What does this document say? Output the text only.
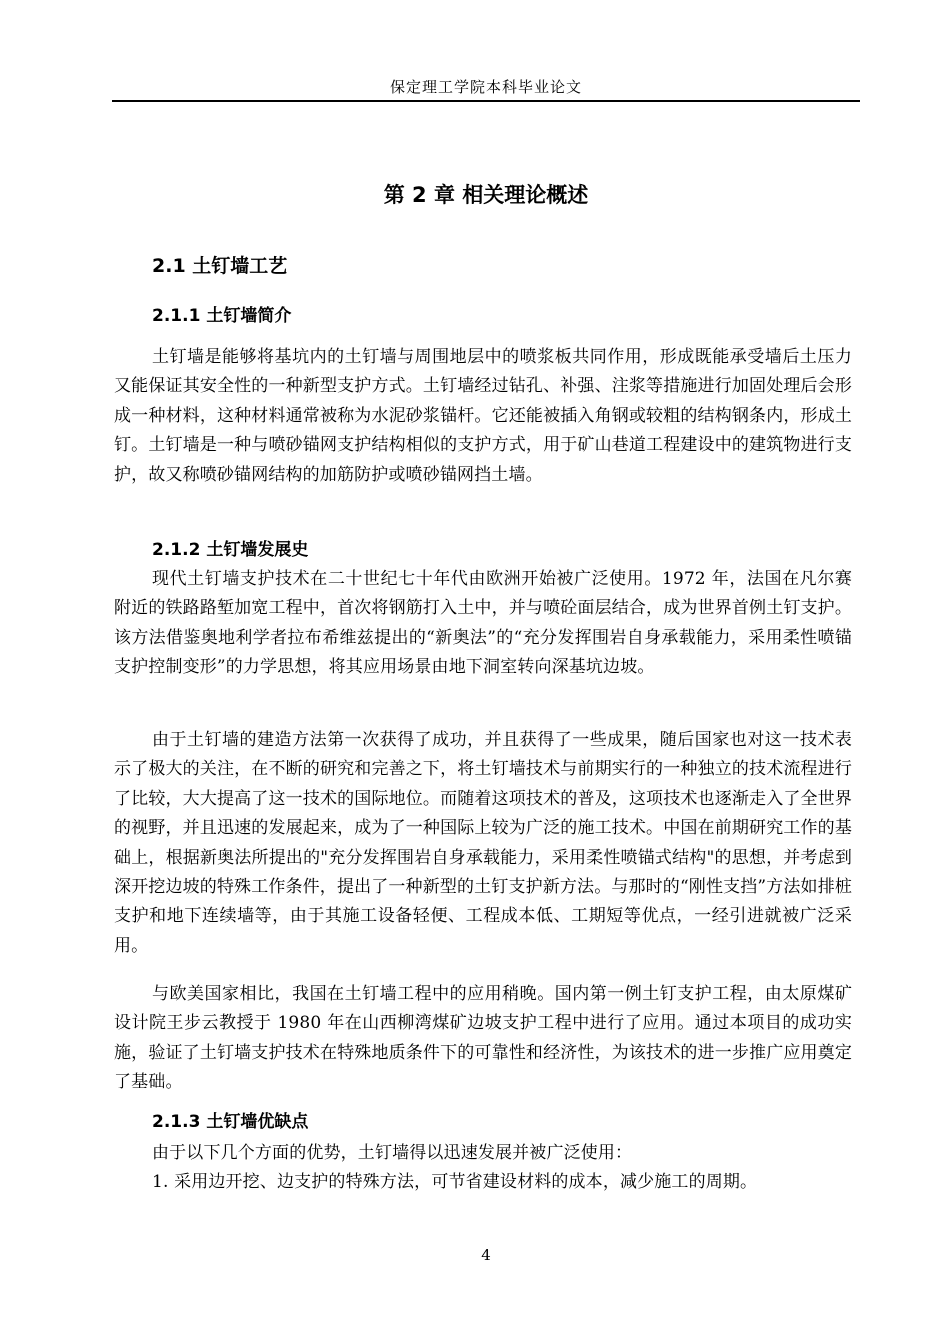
保定理工学院本科毕业论文
第 2 章 相关理论概述
2.1 土钉墙工艺
2.1.1 土钉墙简介

土钉墙是能够将基坑内的土钉墙与周围地层中的喷浆板共同作用，形成既能承受墙后土压力又能保证其安全性的一种新型支护方式。土钉墙经过钻孔、补强、注浆等措施进行加固处理后会形成一种材料，这种材料通常被称为水泥砂浆锚杆。它还能被插入角钢或较粗的结构钢条内，形成土钉。土钉墙是一种与喷砂锚网支护结构相似的支护方式，用于矿山巷道工程建设中的建筑物进行支护，故又称喷砂锚网结构的加筋防护或喷砂锚网挡土墙。

2.1.2 土钉墙发展史

现代土钉墙支护技术在二十世纪七十年代由欧洲开始被广泛使用。1972 年，法国在凡尔赛附近的铁路路堑加宽工程中，首次将钢筋打入土中，并与喷砼面层结合，成为世界首例土钉支护。该方法借鉴奥地利学者拉布希维兹提出的“新奥法”的“充分发挥围岩自身承载能力，采用柔性喷锚支护控制变形”的力学思想，将其应用场景由地下洞室转向深基坑边坡。

由于土钉墙的建造方法第一次获得了成功，并且获得了一些成果，随后国家也对这一技术表示了极大的关注，在不断的研究和完善之下，将土钉墙技术与前期实行的一种独立的技术流程进行了比较，大大提高了这一技术的国际地位。而随着这项技术的普及，这项技术也逐渐走入了全世界的视野，并且迅速的发展起来，成为了一种国际上较为广泛的施工技术。中国在前期研究工作的基础上，根据新奥法所提出的"充分发挥围岩自身承载能力，采用柔性喷锚式结构"的思想，并考虑到深开挖边坡的特殊工作条件，提出了一种新型的土钉支护新方法。与那时的“刚性支挡”方法如排桩支护和地下连续墙等，由于其施工设备轻便、工程成本低、工期短等优点，一经引进就被广泛采用。

与欧美国家相比，我国在土钉墙工程中的应用稍晚。国内第一例土钉支护工程，由太原煤矿设计院王步云教授于 1980 年在山西柳湾煤矿边坡支护工程中进行了应用。通过本项目的成功实施，验证了土钉墙支护技术在特殊地质条件下的可靠性和经济性，为该技术的进一步推广应用奠定了基础。

2.1.3 土钉墙优缺点

由于以下几个方面的优势，土钉墙得以迅速发展并被广泛使用：

1. 采用边开挖、边支护的特殊方法，可节省建设材料的成本，减少施工的周期。

4
